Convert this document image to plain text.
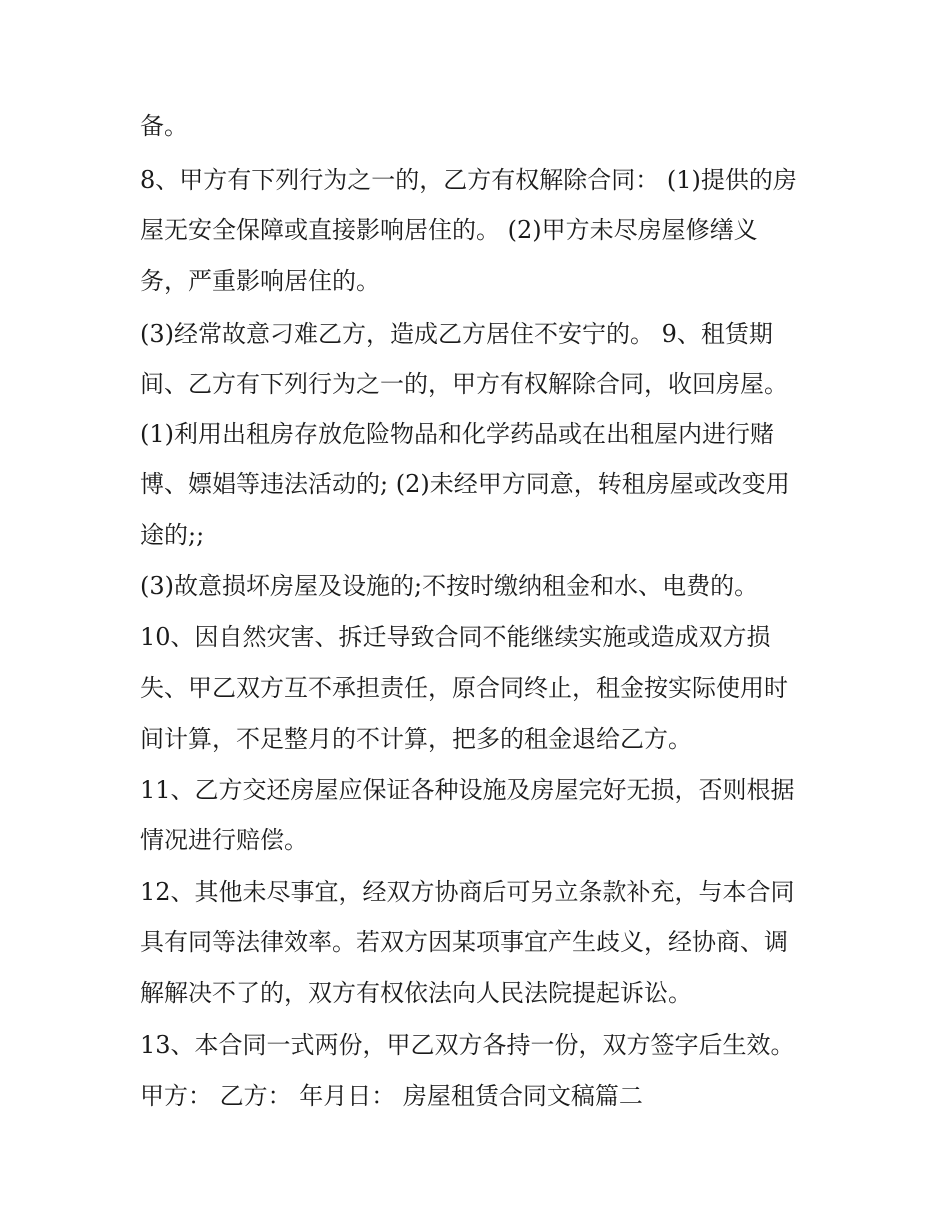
备。
8、甲方有下列行为之一的，乙方有权解除合同： (1)提供的房
屋无安全保障或直接影响居住的。 (2)甲方未尽房屋修缮义
务，严重影响居住的。
(3)经常故意刁难乙方，造成乙方居住不安宁的。 9、租赁期
间、乙方有下列行为之一的，甲方有权解除合同，收回房屋。
(1)利用出租房存放危险物品和化学药品或在出租屋内进行赌
博、嫖娼等违法活动的; (2)未经甲方同意，转租房屋或改变用
途的;;
(3)故意损坏房屋及设施的;不按时缴纳租金和水、电费的。
10、因自然灾害、拆迁导致合同不能继续实施或造成双方损
失、甲乙双方互不承担责任，原合同终止，租金按实际使用时
间计算，不足整月的不计算，把多的租金退给乙方。
11、乙方交还房屋应保证各种设施及房屋完好无损，否则根据
情况进行赔偿。
12、其他未尽事宜，经双方协商后可另立条款补充，与本合同
具有同等法律效率。若双方因某项事宜产生歧义，经协商、调
解解决不了的，双方有权依法向人民法院提起诉讼。
13、本合同一式两份，甲乙双方各持一份，双方签字后生效。
甲方： 乙方： 年月日： 房屋租赁合同文稿篇二
